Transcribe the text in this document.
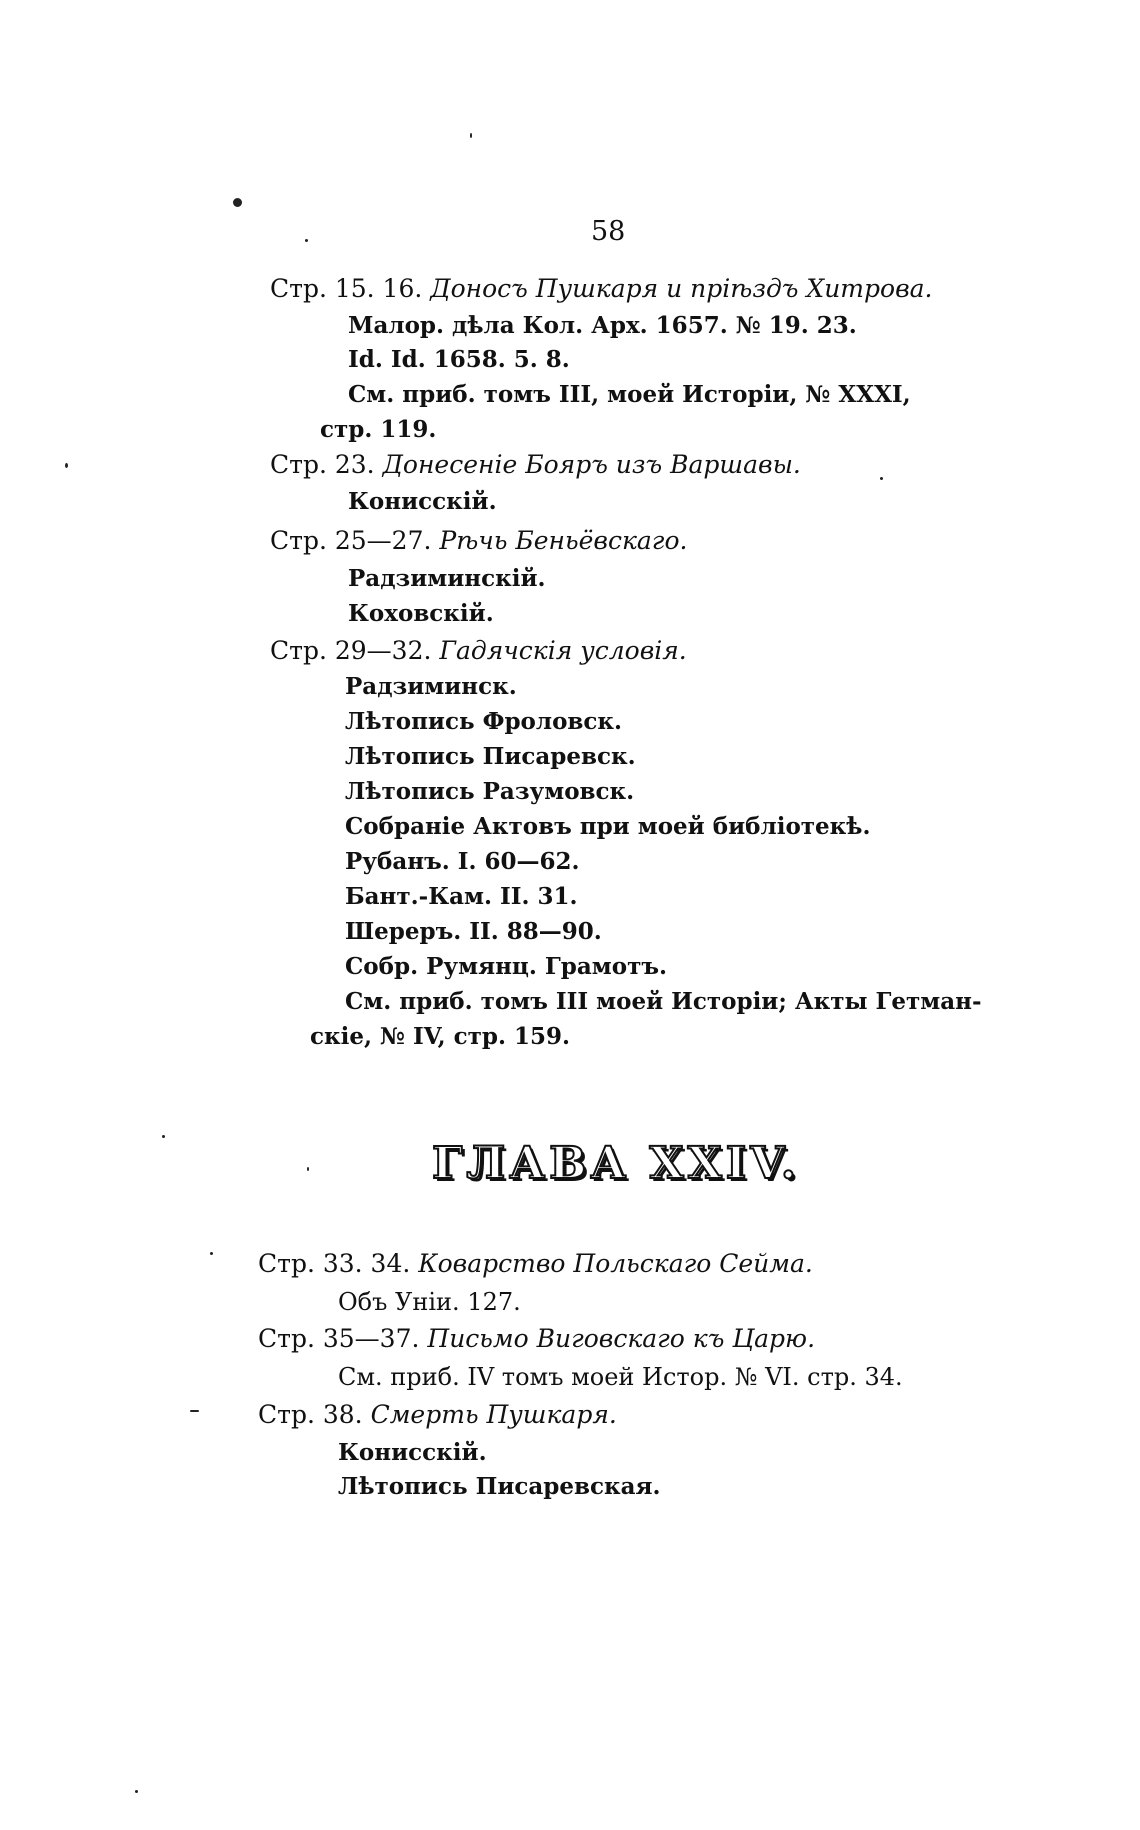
58
Стр. 15. 16. Доносъ Пушкаря и прiѣздъ Хитрова.
Малор. дѣла Кол. Арх. 1657. № 19. 23.
Id. Id. 1658. 5. 8.
См. приб. томъ III, моей Исторiи, № XXXI,
стр. 119.
Стр. 23. Донесенiе Бояръ изъ Варшавы.
Конисскiй.
Стр. 25—27. Рѣчь Беньёвскаго.
Радзиминскiй.
Коховскiй.
Стр. 29—32. Гадячскiя условiя.
Радзиминск.
Лѣтопись Фроловск.
Лѣтопись Писаревск.
Лѣтопись Разумовск.
Собранiе Актовъ при моей библiотекѣ.
Рубанъ. I. 60—62.
Бант.-Кам. II. 31.
Шереръ. II. 88—90.
Собр. Румянц. Грамотъ.
См. приб. томъ III моей Исторiи; Акты Гетман-
скiе, № IV, стр. 159.
ГЛАВА XXIV.
Стр. 33. 34. Коварство Польскаго Сейма.
Объ Унiи. 127.
Стр. 35—37. Письмо Виговскаго къ Царю.
См. приб. IV томъ моей Истор. № VI. стр. 34.
Стр. 38. Смерть Пушкаря.
Конисскiй.
Лѣтопись Писаревская.
